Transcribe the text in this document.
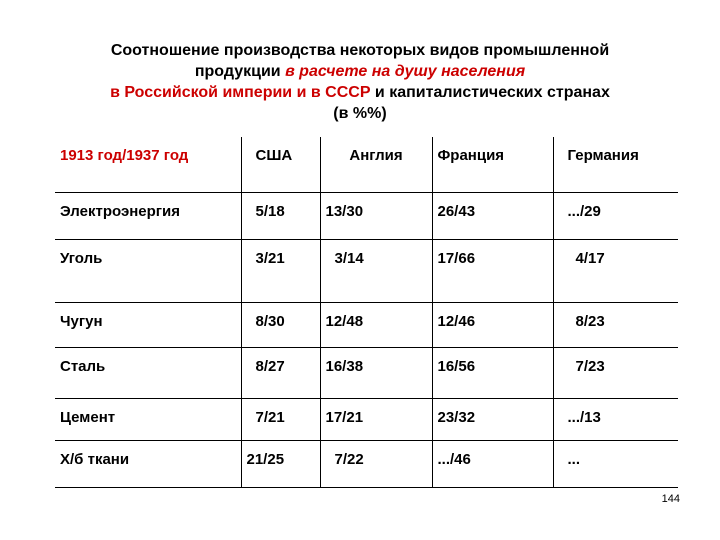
Соотношение производства некоторых видов промышленной
продукции в расчете на душу населения
в Российской империи и в СССР и капиталистических странах
(в %%)
1913 год/1937 год	США	Англия	Франция	Германия
Электроэнергия	5/18	13/30	26/43	.../29
Уголь	3/21	3/14	17/66	4/17
Чугун	8/30	12/48	12/46	8/23
Сталь	8/27	16/38	16/56	7/23
Цемент	7/21	17/21	23/32	.../13
Х/б ткани	21/25	7/22	.../46	...
144
